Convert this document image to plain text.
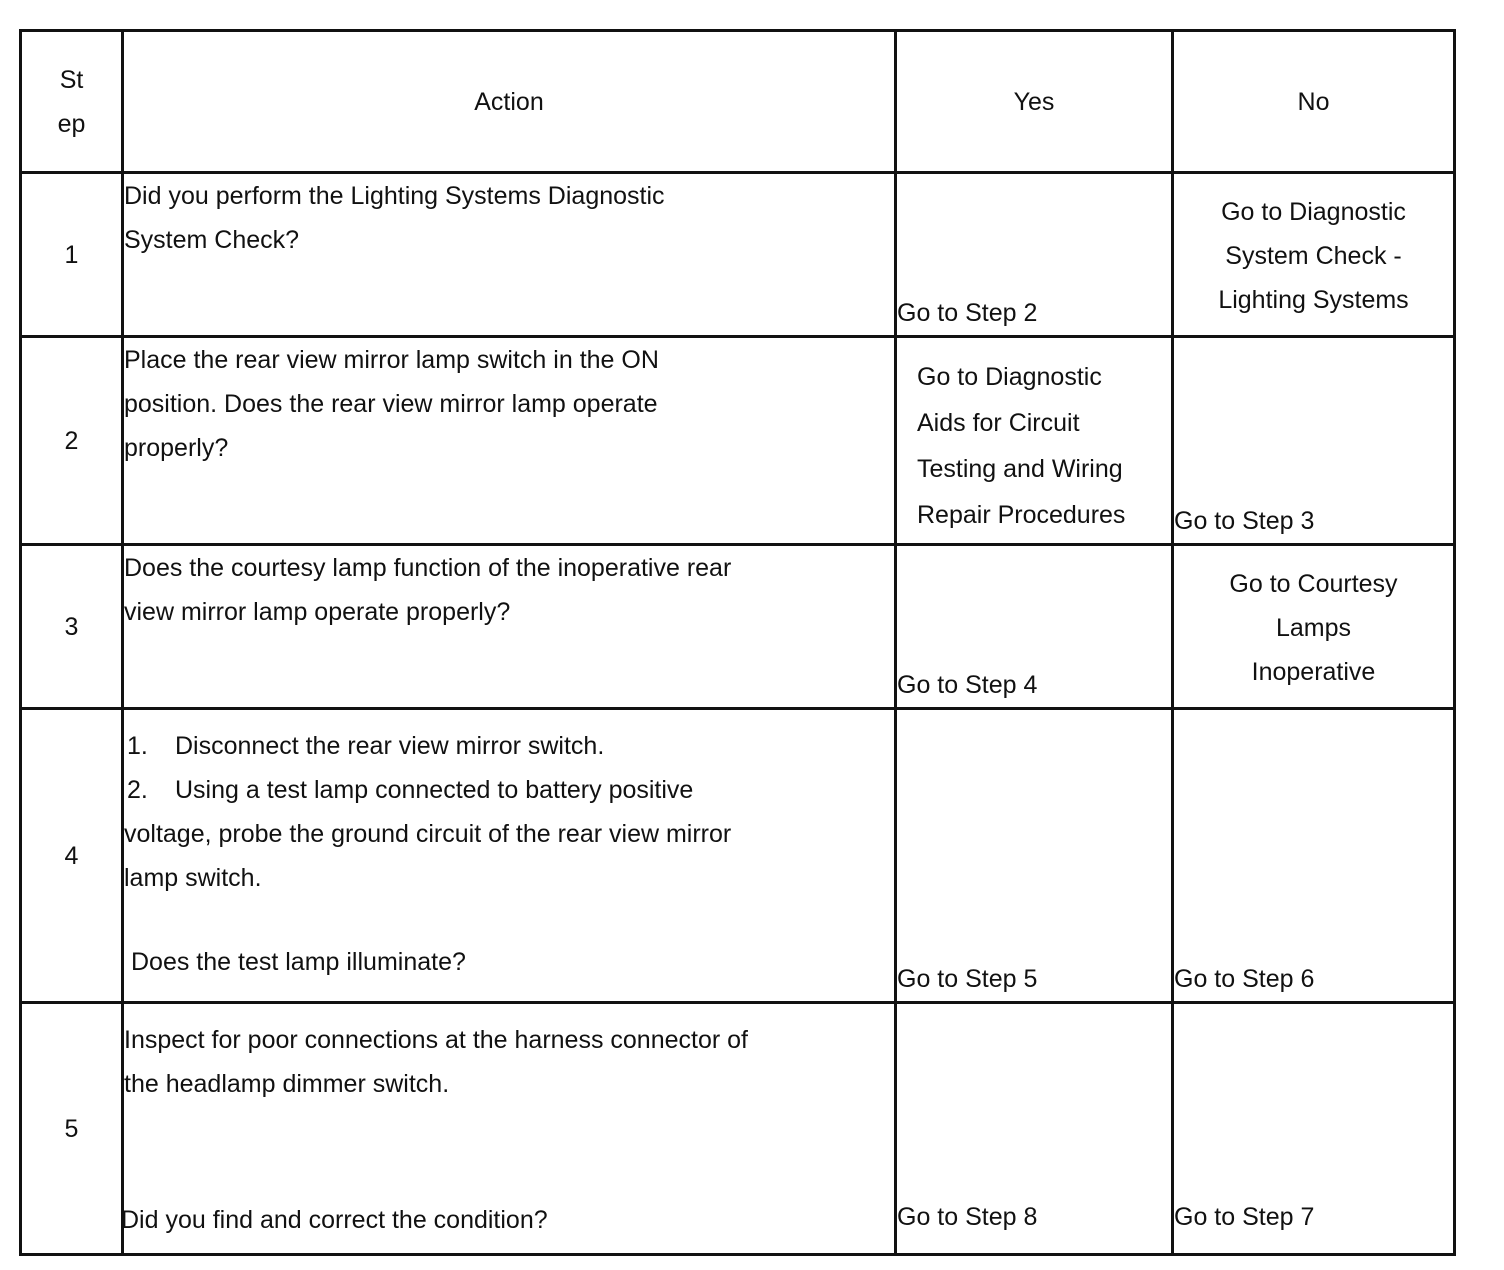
St ep	Action	Yes	No
1	Did you perform the Lighting Systems Diagnostic
System Check?	Go to Step 2	Go to Diagnostic
System Check -
Lighting Systems

2	Place the rear view mirror lamp switch in the ON
position. Does the rear view mirror lamp operate
properly?	Go to Diagnostic
Aids for Circuit
Testing and Wiring
Repair Procedures	Go to Step 3
3	Does the courtesy lamp function of the inoperative rear
view mirror lamp operate properly?	Go to Step 4	Go to Courtesy
Lamps
Inoperative

4	1. Disconnect the rear view mirror switch.
2. Using a test lamp connected to battery positive
voltage, probe the ground circuit of the rear view mirror
lamp switch.
Does the test lamp illuminate?	Go to Step 5	Go to Step 6
5	Inspect for poor connections at the harness connector of
the headlamp dimmer switch.
Did you find and correct the condition?	Go to Step 8	Go to Step 7
